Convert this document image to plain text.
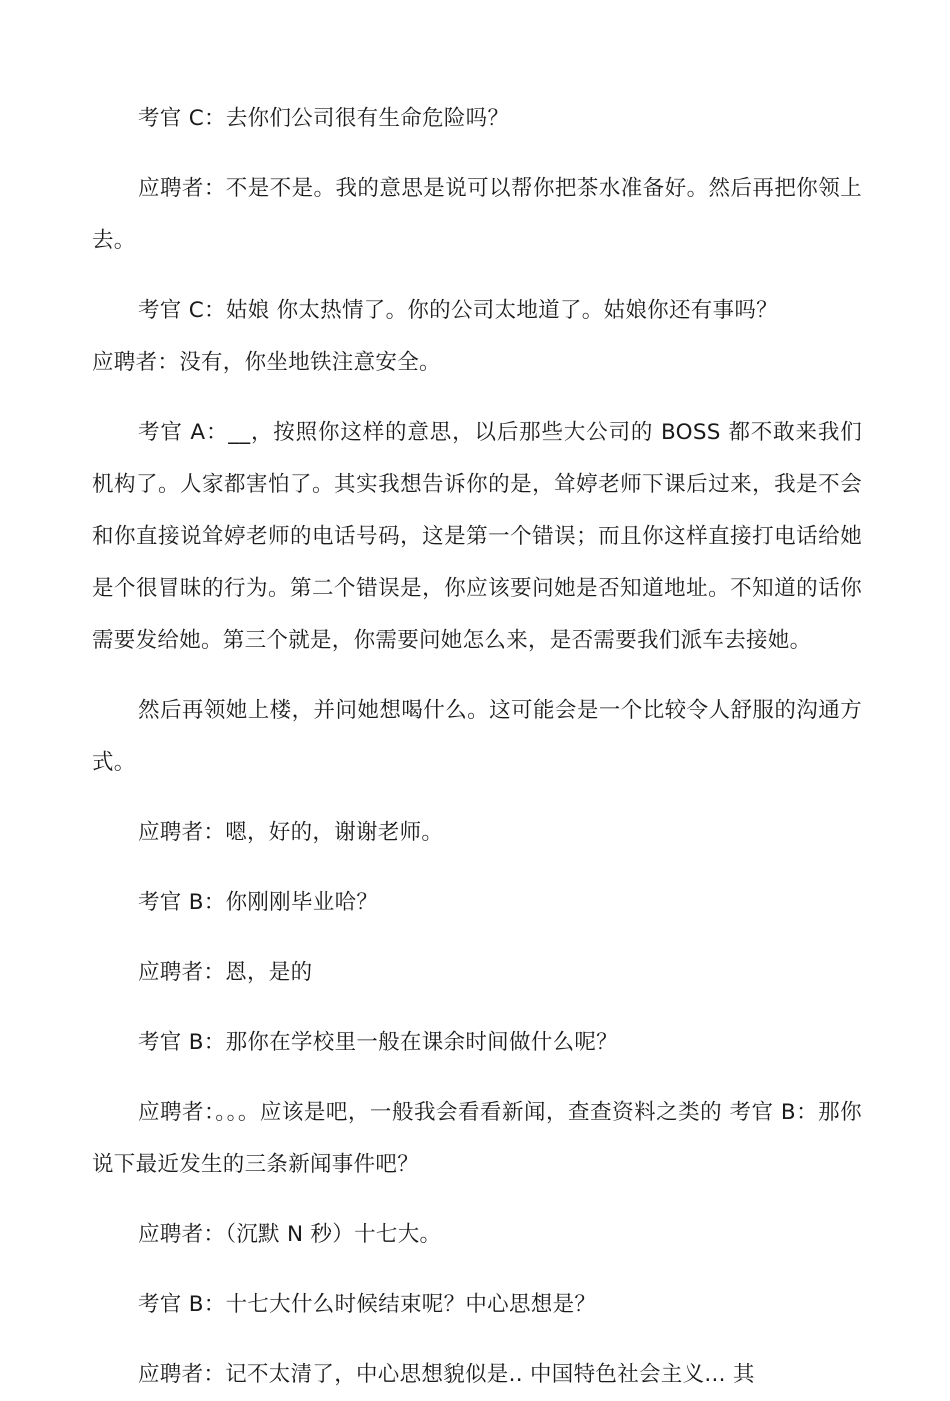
考官 C：去你们公司很有生命危险吗？

应聘者：不是不是。我的意思是说可以帮你把茶水准备好。然后再把你领上去。

考官 C：姑娘 你太热情了。你的公司太地道了。姑娘你还有事吗？

应聘者：没有，你坐地铁注意安全。

考官 A：__，按照你这样的意思，以后那些大公司的 BOSS 都不敢来我们机构了。人家都害怕了。其实我想告诉你的是，耸婷老师下课后过来，我是不会和你直接说耸婷老师的电话号码，这是第一个错误；而且你这样直接打电话给她是个很冒昧的行为。第二个错误是，你应该要问她是否知道地址。不知道的话你需要发给她。第三个就是，你需要问她怎么来，是否需要我们派车去接她。

然后再领她上楼，并问她想喝什么。这可能会是一个比较令人舒服的沟通方式。

应聘者：嗯，好的，谢谢老师。

考官 B：你刚刚毕业哈？

应聘者：恩，是的

考官 B：那你在学校里一般在课余时间做什么呢？

应聘者：。。。应该是吧，一般我会看看新闻，查查资料之类的 考官 B：那你说下最近发生的三条新闻事件吧？

应聘者：（沉默 N 秒）十七大。

考官 B：十七大什么时候结束呢？中心思想是？

应聘者：记不太清了，中心思想貌似是.. 中国特色社会主义... 其
